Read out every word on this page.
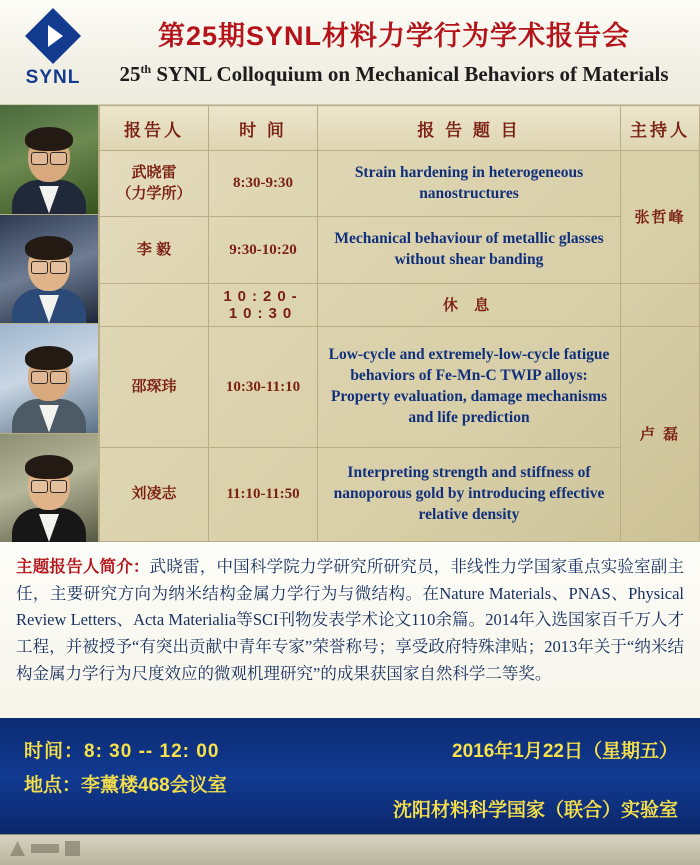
SYNL
第25期SYNL材料力学行为学术报告会
25th SYNL Colloquium on Mechanical Behaviors of Materials
报告人	时 间	报 告 题 目	主持人

武晓雷
（力学所）	8:30-9:30	Strain hardening in heterogeneous nanostructures	张哲峰

李 毅	9:30-10:20	Mechanical behaviour of metallic glasses without shear banding	
	10:20-10:30	休 息	

邵琛玮	10:30-11:10	Low-cycle and extremely-low-cycle fatigue behaviors of Fe-Mn-C TWIP alloys: Property evaluation, damage mechanisms and life prediction	卢 磊

刘凌志	11:10-11:50	Interpreting strength and stiffness of nanoporous gold by introducing effective relative density	
主题报告人简介：武晓雷，中国科学院力学研究所研究员，非线性力学国家重点实验室副主任，主要研究方向为纳米结构金属力学行为与微结构。在Nature Materials、PNAS、Physical Review Letters、Acta Materialia等SCI刊物发表学术论文110余篇。2014年入选国家百千万人才工程，并被授予“有突出贡献中青年专家”荣誉称号；享受政府特殊津贴；2013年关于“纳米结构金属力学行为尺度效应的微观机理研究”的成果获国家自然科学二等奖。
时间：8: 30 -- 12: 00	2016年1月22日（星期五）
地点：李薰楼468会议室
沈阳材料科学国家（联合）实验室
